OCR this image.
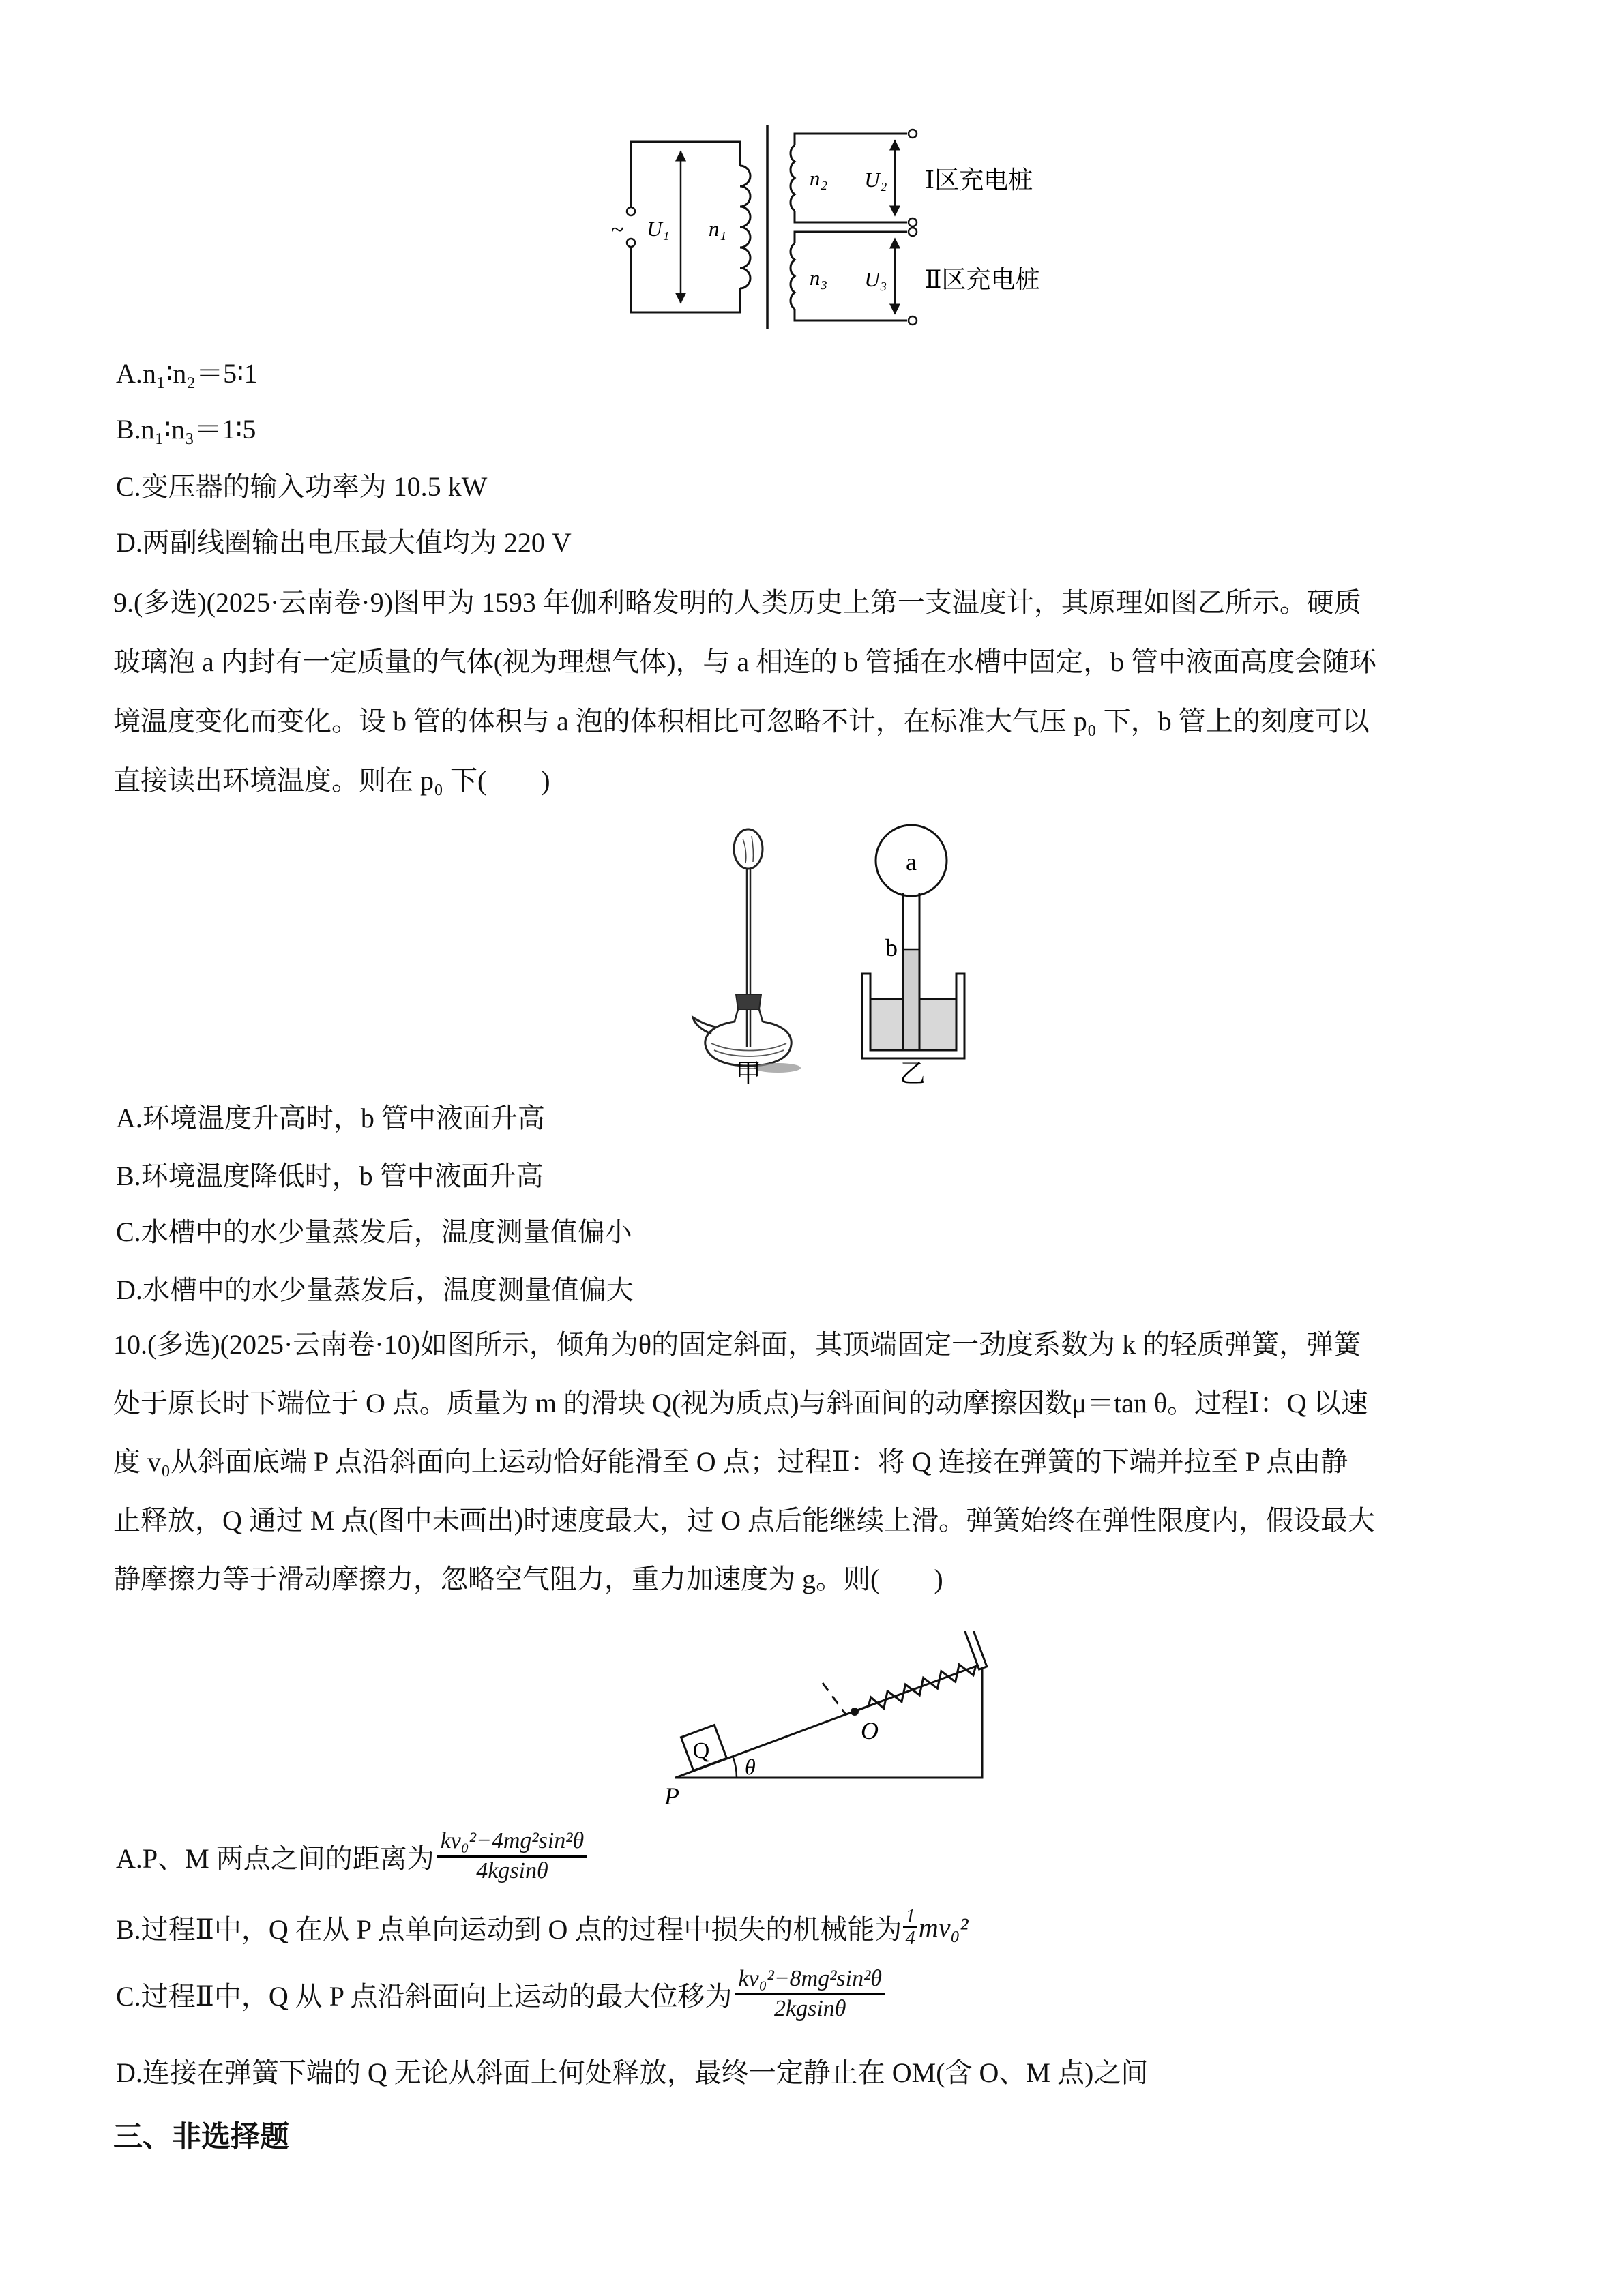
~ U₁ n₁
n₂ U₂ Ⅰ区充电桩
n₃ U₃ Ⅱ区充电桩
A.n₁∶n₂＝5∶1
B.n₁∶n₃＝1∶5
C.变压器的输入功率为 10.5 kW
D.两副线圈输出电压最大值均为 220 V
9.(多选)(2025·云南卷·9)图甲为 1593 年伽利略发明的人类历史上第一支温度计，其原理如图乙所示。硬质
玻璃泡 a 内封有一定质量的气体(视为理想气体)，与 a 相连的 b 管插在水槽中固定，b 管中液面高度会随环
境温度变化而变化。设 b 管的体积与 a 泡的体积相比可忽略不计，在标准大气压 p₀ 下，b 管上的刻度可以
直接读出环境温度。则在 p₀ 下(　　)
甲
a
b
乙
A.环境温度升高时，b 管中液面升高
B.环境温度降低时，b 管中液面升高
C.水槽中的水少量蒸发后，温度测量值偏小
D.水槽中的水少量蒸发后，温度测量值偏大
10.(多选)(2025·云南卷·10)如图所示，倾角为θ的固定斜面，其顶端固定一劲度系数为 k 的轻质弹簧，弹簧
处于原长时下端位于 O 点。质量为 m 的滑块 Q(视为质点)与斜面间的动摩擦因数μ＝tan θ。过程Ⅰ：Q 以速
度 v₀从斜面底端 P 点沿斜面向上运动恰好能滑至 O 点；过程Ⅱ：将 Q 连接在弹簧的下端并拉至 P 点由静
止释放，Q 通过 M 点(图中未画出)时速度最大，过 O 点后能继续上滑。弹簧始终在弹性限度内，假设最大
静摩擦力等于滑动摩擦力，忽略空气阻力，重力加速度为 g。则(　　)
O
Q
θ
P
A.P、M 两点之间的距离为 $\frac{\text{kv₀²−4mg²sin²θ}}{4kgsin\theta}$
B.过程Ⅱ中，Q 在从 P 点单向运动到 O 点的过程中损失的机械能为 $\frac{1}{4} mv_0^2$
C.过程Ⅱ中，Q 从 P 点沿斜面向上运动的最大位移为 $\frac{\text{kv₀²−8mg²sin²θ}}{2kgsin\theta}$
D.连接在弹簧下端的 Q 无论从斜面上何处释放，最终一定静止在 OM(含 O、M 点)之间
三、非选择题
